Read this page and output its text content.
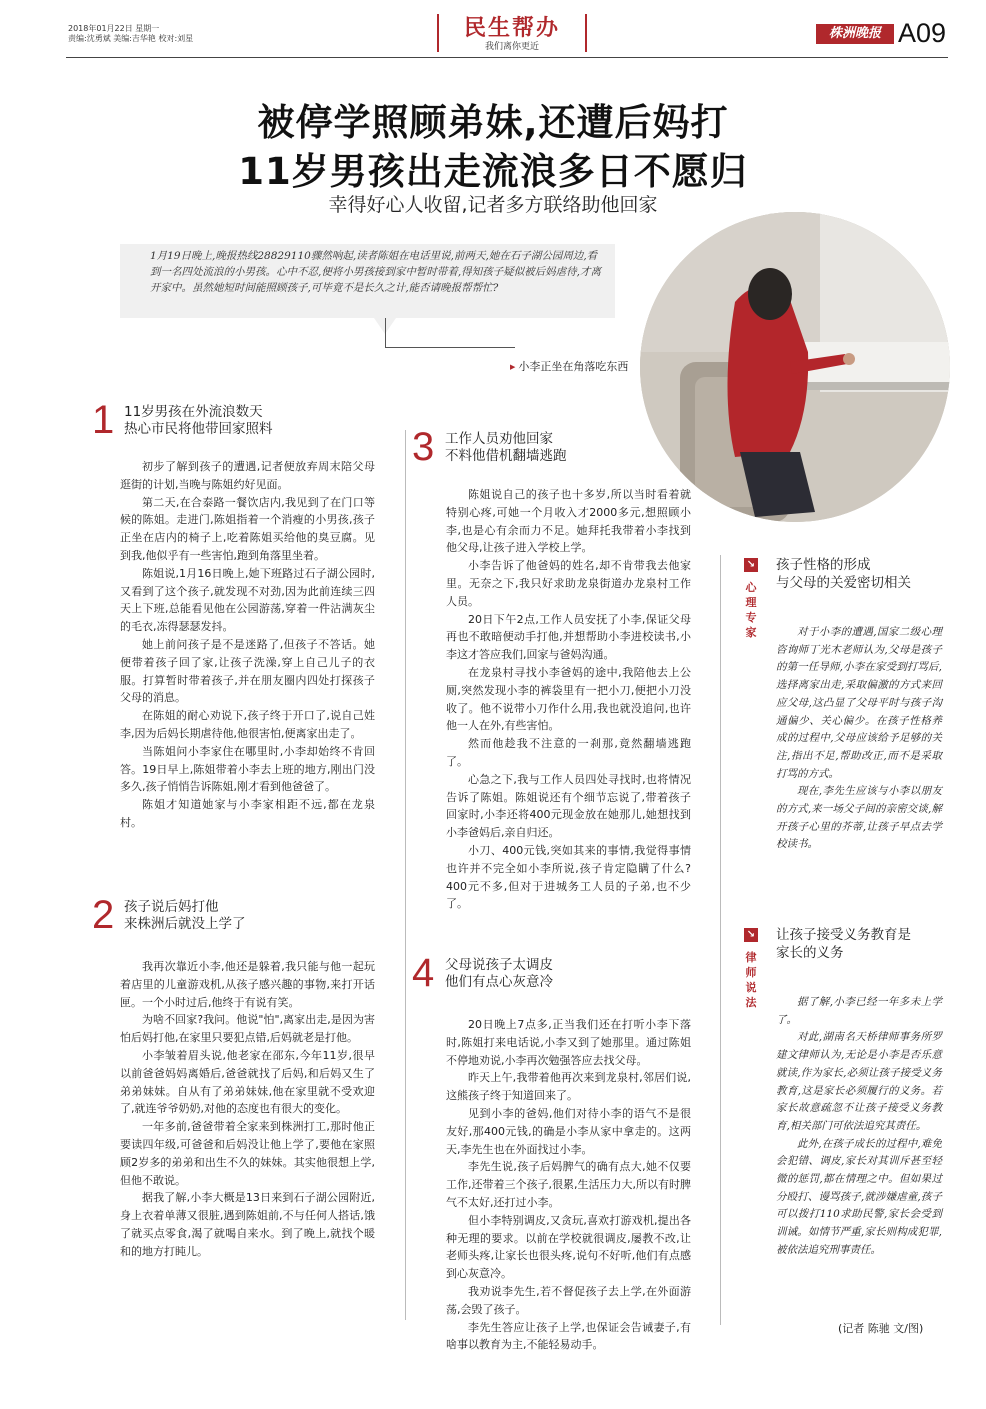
2018年01月22日 星期一
责编:沈勇斌 美编:吉华艳 校对:刘星	民生帮办
我们离你更近
株洲晚报 A09
被停学照顾弟妹,还遭后妈打
11岁男孩出走流浪多日不愿归
幸得好心人收留,记者多方联络助他回家
1月19日晚上,晚报热线28829110骤然响起,读者陈姐在电话里说,前两天,她在石子湖公园周边,看到一名四处流浪的小男孩。心中不忍,便将小男孩接到家中暂时带着,得知孩子疑似被后妈虐待,才离开家中。虽然她短时间能照顾孩子,可毕竟不是长久之计,能否请晚报帮帮忙?
▶ 小李正坐在角落吃东西
1 11岁男孩在外流浪数天
热心市民将他带回家照料

初步了解到孩子的遭遇,记者便放弃周末陪父母逛街的计划,当晚与陈姐约好见面。

第二天,在合泰路一餐饮店内,我见到了在门口等候的陈姐。走进门,陈姐指着一个消瘦的小男孩,孩子正坐在店内的椅子上,吃着陈姐买给他的臭豆腐。见到我,他似乎有一些害怕,跑到角落里坐着。

陈姐说,1月16日晚上,她下班路过石子湖公园时,又看到了这个孩子,就发现不对劲,因为此前连续三四天上下班,总能看见他在公园游荡,穿着一件沾满灰尘的毛衣,冻得瑟瑟发抖。

她上前问孩子是不是迷路了,但孩子不答话。她便带着孩子回了家,让孩子洗澡,穿上自己儿子的衣服。打算暂时带着孩子,并在朋友圈内四处打探孩子父母的消息。

在陈姐的耐心劝说下,孩子终于开口了,说自己姓李,因为后妈长期虐待他,他很害怕,便离家出走了。

当陈姐问小李家住在哪里时,小李却始终不肯回答。19日早上,陈姐带着小李去上班的地方,刚出门没多久,孩子悄悄告诉陈姐,刚才看到他爸爸了。

陈姐才知道她家与小李家相距不远,都在龙泉村。

2 孩子说后妈打他
来株洲后就没上学了

我再次靠近小李,他还是躲着,我只能与他一起玩着店里的儿童游戏机,从孩子感兴趣的事物,来打开话匣。一个小时过后,他终于有说有笑。

为啥不回家?我问。他说"怕",离家出走,是因为害怕后妈打他,在家里只要犯点错,后妈就老是打他。

小李皱着眉头说,他老家在邵东,今年11岁,很早以前爸爸妈妈离婚后,爸爸就找了后妈,和后妈又生了弟弟妹妹。自从有了弟弟妹妹,他在家里就不受欢迎了,就连爷爷奶奶,对他的态度也有很大的变化。

一年多前,爸爸带着全家来到株洲打工,那时他正要读四年级,可爸爸和后妈没让他上学了,要他在家照顾2岁多的弟弟和出生不久的妹妹。其实他很想上学,但他不敢说。

据我了解,小李大概是13日来到石子湖公园附近,身上衣着单薄又很脏,遇到陈姐前,不与任何人搭话,饿了就买点零食,渴了就喝自来水。到了晚上,就找个暖和的地方打盹儿。

3 工作人员劝他回家
不料他借机翻墙逃跑

陈姐说自己的孩子也十多岁,所以当时看着就特别心疼,可她一个月收入才2000多元,想照顾小李,也是心有余而力不足。她拜托我带着小李找到他父母,让孩子进入学校上学。

小李告诉了他爸妈的姓名,却不肯带我去他家里。无奈之下,我只好求助龙泉街道办龙泉村工作人员。

20日下午2点,工作人员安抚了小李,保证父母再也不敢暗便动手打他,并想帮助小李进校读书,小李这才答应我们,回家与爸妈沟通。

在龙泉村寻找小李爸妈的途中,我陪他去上公厕,突然发现小李的裤袋里有一把小刀,便把小刀没收了。他不说带小刀作什么用,我也就没追问,也许他一人在外,有些害怕。

然而他趁我不注意的一刹那,竟然翻墙逃跑了。

心急之下,我与工作人员四处寻找时,也将情况告诉了陈姐。陈姐说还有个细节忘说了,带着孩子回家时,小李还将400元现金放在她那儿,她想找到小李爸妈后,亲自归还。

小刀、400元钱,突如其来的事情,我觉得事情也许并不完全如小李所说,孩子肯定隐瞒了什么?400元不多,但对于进城务工人员的子弟,也不少了。

4 父母说孩子太调皮
他们有点心灰意冷

20日晚上7点多,正当我们还在打听小李下落时,陈姐打来电话说,小李又到了她那里。通过陈姐不停地劝说,小李再次勉强答应去找父母。

昨天上午,我带着他再次来到龙泉村,邻居们说,这熊孩子终于知道回来了。

见到小李的爸妈,他们对待小李的语气不是很友好,那400元钱,的确是小李从家中拿走的。这两天,李先生也在外面找过小李。

李先生说,孩子后妈脾气的确有点大,她不仅要工作,还带着三个孩子,很累,生活压力大,所以有时脾气不太好,还打过小李。

但小李特别调皮,又贪玩,喜欢打游戏机,提出各种无理的要求。以前在学校就很调皮,屡教不改,让老师头疼,让家长也很头疼,说句不好听,他们有点感到心灰意冷。

我劝说李先生,若不督促孩子去上学,在外面游荡,会毁了孩子。

李先生答应让孩子上学,也保证会告诫妻子,有啥事以教育为主,不能轻易动手。

↘
心理专家
孩子性格的形成
与父母的关爱密切相关

对于小李的遭遇,国家二级心理咨询师丁光木老师认为,父母是孩子的第一任导师,小李在家受到打骂后,选择离家出走,采取偏激的方式来回应父母,这凸显了父母平时与孩子沟通偏少、关心偏少。在孩子性格养成的过程中,父母应该给予足够的关注,指出不足,帮助改正,而不是采取打骂的方式。

现在,李先生应该与小李以朋友的方式,来一场父子间的亲密交谈,解开孩子心里的芥蒂,让孩子早点去学校读书。

↘
律师说法
让孩子接受义务教育是
家长的义务

据了解,小李已经一年多未上学了。

对此,湖南名天桥律师事务所罗建文律师认为,无论是小李是否乐意就读,作为家长,必须让孩子接受义务教育,这是家长必须履行的义务。若家长故意疏忽不让孩子接受义务教育,相关部门可依法追究其责任。

此外,在孩子成长的过程中,难免会犯错、调皮,家长对其训斥甚至轻微的惩罚,都在情理之中。但如果过分殴打、谩骂孩子,就涉嫌虐童,孩子可以拨打110求助民警,家长会受到训诫。如情节严重,家长则构成犯罪,被依法追究刑事责任。

(记者 陈驰 文/图)
